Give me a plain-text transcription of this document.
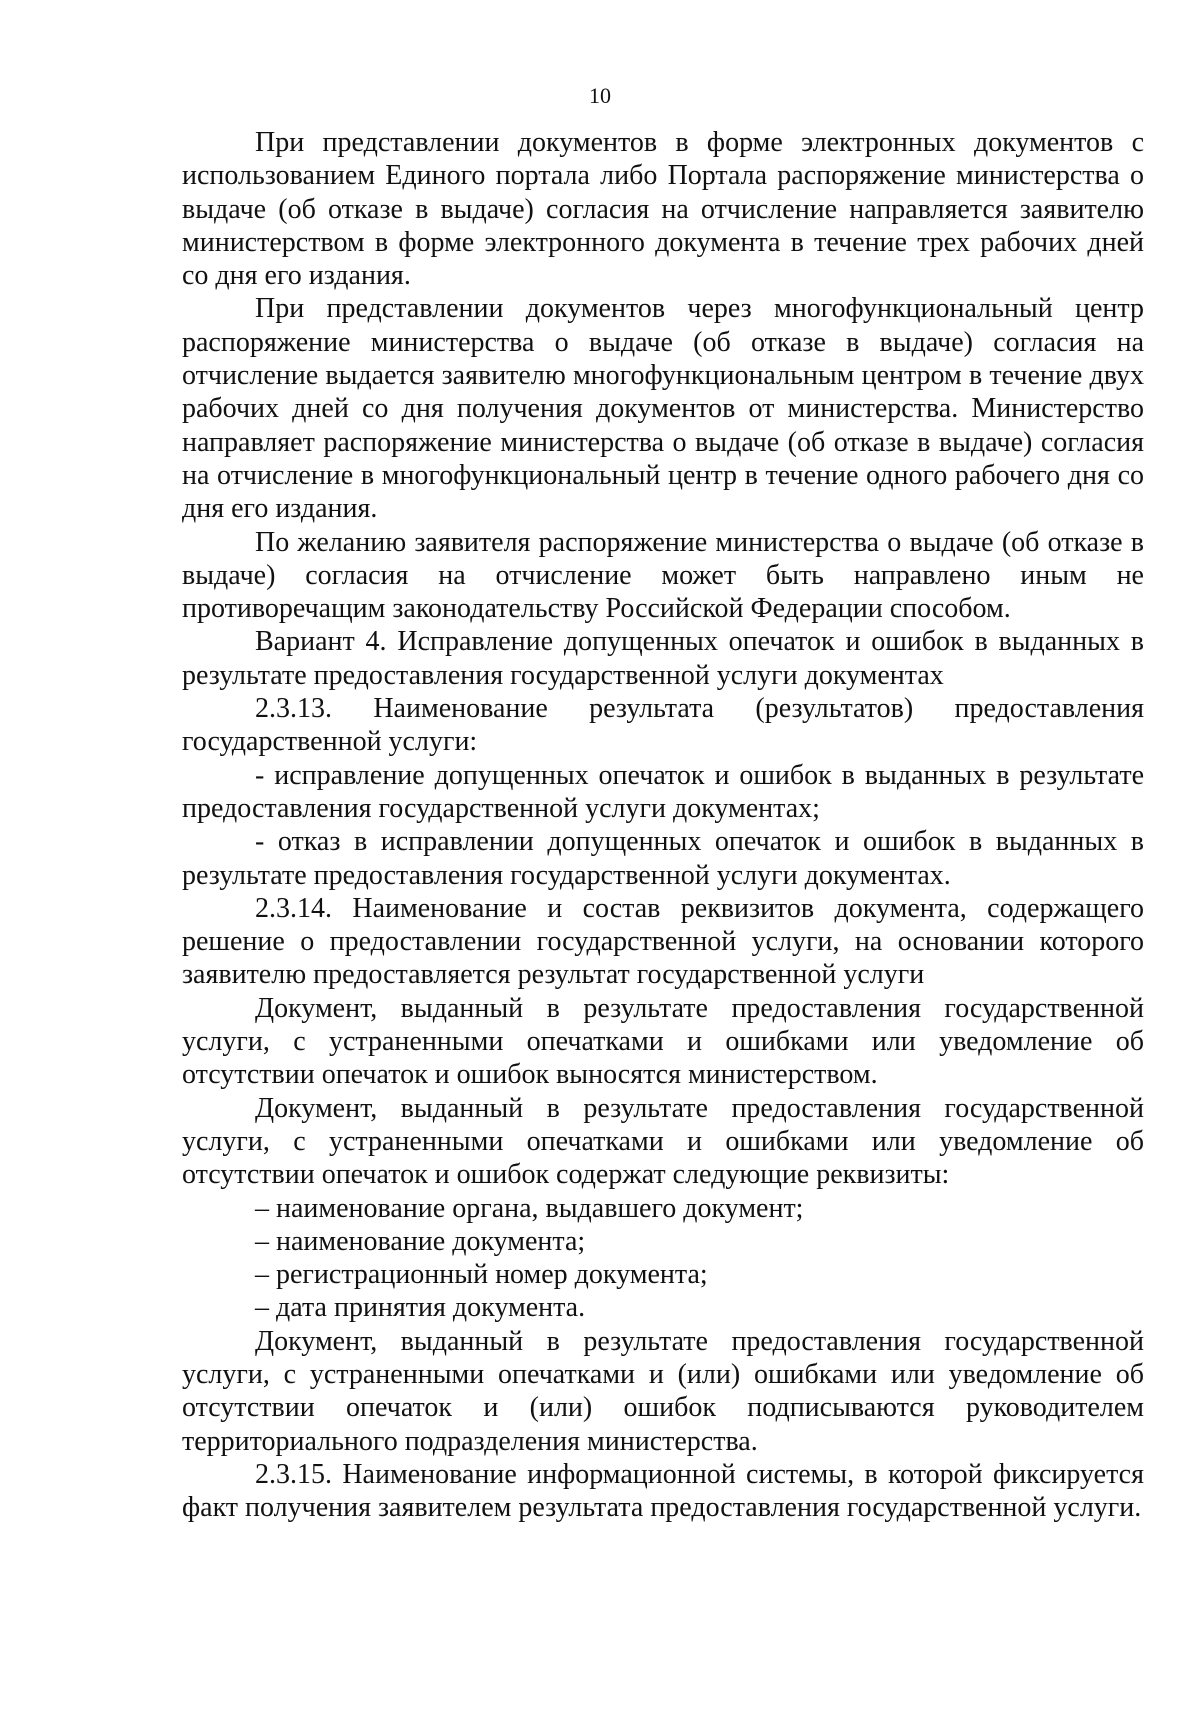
10

При представлении документов в форме электронных документов с использованием Единого портала либо Портала распоряжение министерства о выдаче (об отказе в выдаче) согласия на отчисление направляется заявителю министерством в форме электронного документа в течение трех рабочих дней со дня его издания.

При представлении документов через многофункциональный центр распоряжение министерства о выдаче (об отказе в выдаче) согласия на отчисление выдается заявителю многофункциональным центром в течение двух рабочих дней со дня получения документов от министерства. Министерство направляет распоряжение министерства о выдаче (об отказе в выдаче) согласия на отчисление в многофункциональный центр в течение одного рабочего дня со дня его издания.

По желанию заявителя распоряжение министерства о выдаче (об отказе в выдаче) согласия на отчисление может быть направлено иным не противоречащим законодательству Российской Федерации способом.

Вариант 4. Исправление допущенных опечаток и ошибок в выданных в результате предоставления государственной услуги документах

2.3.13. Наименование результата (результатов) предоставления государственной услуги:

- исправление допущенных опечаток и ошибок в выданных в результате предоставления государственной услуги документах;

- отказ в исправлении допущенных опечаток и ошибок в выданных в результате предоставления государственной услуги документах.

2.3.14. Наименование и состав реквизитов документа, содержащего решение о предоставлении государственной услуги, на основании которого заявителю предоставляется результат государственной услуги

Документ, выданный в результате предоставления государственной услуги, с устраненными опечатками и ошибками или уведомление об отсутствии опечаток и ошибок выносятся министерством.

Документ, выданный в результате предоставления государственной услуги, с устраненными опечатками и ошибками или уведомление об отсутствии опечаток и ошибок содержат следующие реквизиты:

– наименование органа, выдавшего документ;

– наименование документа;

– регистрационный номер документа;

– дата принятия документа.

Документ, выданный в результате предоставления государственной услуги, с устраненными опечатками и (или) ошибками или уведомление об отсутствии опечаток и (или) ошибок подписываются руководителем территориального подразделения министерства.

2.3.15. Наименование информационной системы, в которой фиксируется факт получения заявителем результата предоставления государственной услуги.
